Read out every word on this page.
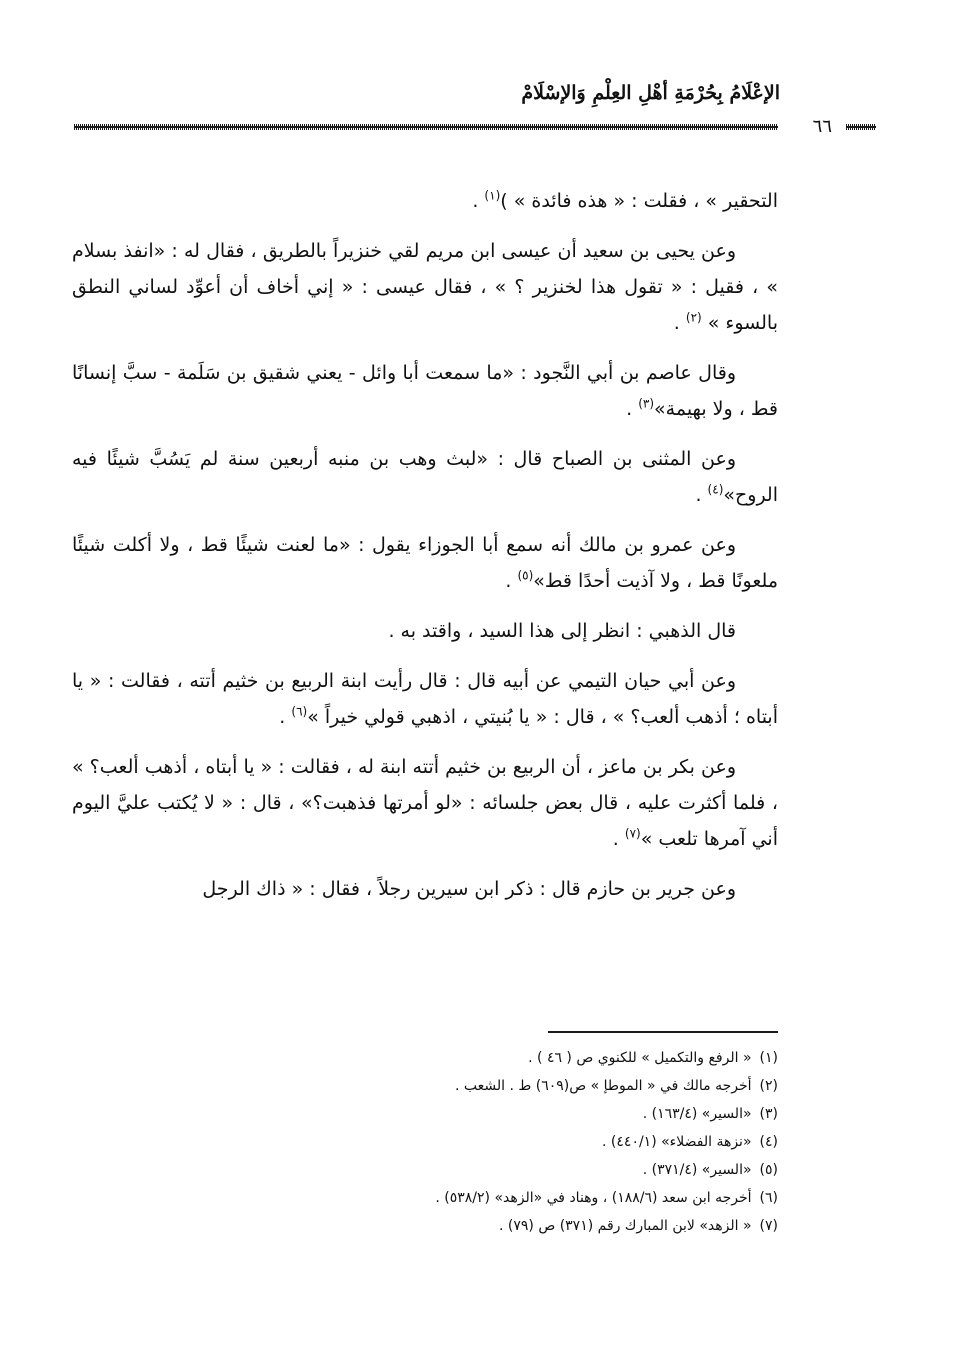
الإعْلَامُ بِحُرْمَةِ أهْلِ العِلْمِ وَالإسْلَامْ
٦٦

التحقير » ، فقلت : « هذه فائدة » )$^{(١)}$ .

وعن يحيى بن سعيد أن عيسى ابن مريم لقي خنزيراً بالطريق ، فقال له : «انفذ بسلام » ، فقيل : « تقول هذا لخنزير ؟ » ، فقال عيسى : « إني أخاف أن أعوِّد لساني النطق بالسوء » $^{(٢)}$ .

وقال عاصم بن أبي النَّجود : «ما سمعت أبا وائل - يعني شقيق بن سَلَمة - سبَّ إنسانًا قط ، ولا بهيمة»$^{(٣)}$ .

وعن المثنى بن الصباح قال : «لبث وهب بن منبه أربعين سنة لم يَسُبَّ شيئًا فيه الروح»$^{(٤)}$ .

وعن عمرو بن مالك أنه سمع أبا الجوزاء يقول : «ما لعنت شيئًا قط ، ولا أكلت شيئًا ملعونًا قط ، ولا آذيت أحدًا قط»$^{(٥)}$ .

قال الذهبي : انظر إلى هذا السيد ، واقتد به .

وعن أبي حيان التيمي عن أبيه قال : قال رأيت ابنة الربيع بن خثيم أتته ، فقالت : « يا أبتاه ؛ أذهب ألعب؟ » ، قال : « يا بُنيتي ، اذهبي قولي خيراً »$^{(٦)}$ .

وعن بكر بن ماعز ، أن الربيع بن خثيم أتته ابنة له ، فقالت : « يا أبتاه ، أذهب ألعب؟ » ، فلما أكثرت عليه ، قال بعض جلسائه : «لو أمرتها فذهبت؟» ، قال : « لا يُكتب عليَّ اليوم أني آمرها تلعب »$^{(٧)}$ .

وعن جرير بن حازم قال : ذكر ابن سيرين رجلاً ، فقال : « ذاك الرجل

(١)« الرفع والتكميل » للكنوي ص ( ٤٦ ) .

(٢)أخرجه مالك في « الموطإ » ص(٦٠٩) ط . الشعب .

(٣)«السير» (١٦٣/٤) .

(٤)«نزهة الفضلاء» (٤٤٠/١) .

(٥)«السير» (٣٧١/٤) .

(٦)أخرجه ابن سعد (١٨٨/٦) ، وهناد في «الزهد» (٥٣٨/٢) .

(٧)« الزهد» لابن المبارك رقم (٣٧١) ص (٧٩) .
